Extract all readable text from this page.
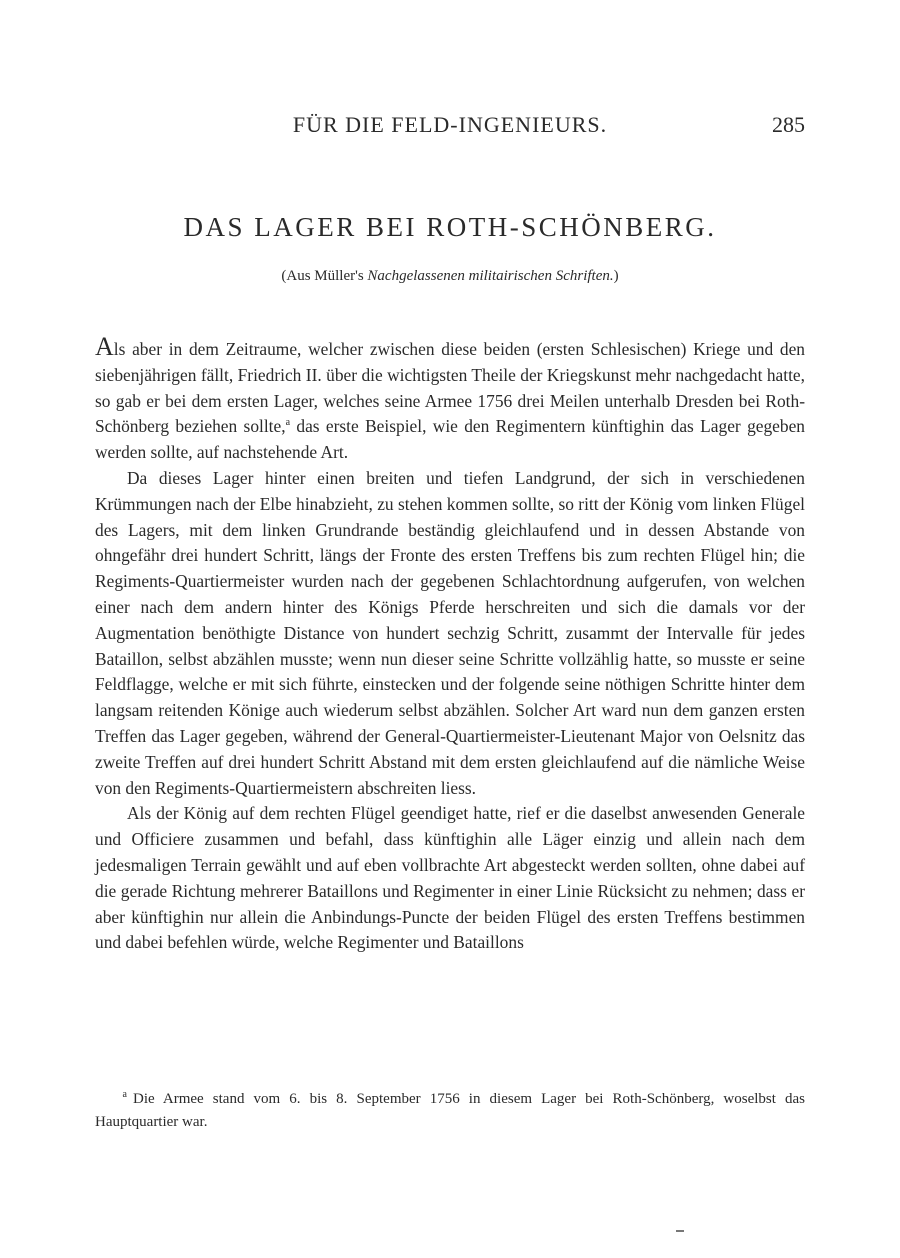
FÜR DIE FELD-INGENIEURS.	285
DAS LAGER BEI ROTH-SCHÖNBERG.
(Aus Müller's Nachgelassenen militairischen Schriften.)

Als aber in dem Zeitraume, welcher zwischen diese beiden (ersten Schlesischen) Kriege und den siebenjährigen fällt, Friedrich II. über die wichtigsten Theile der Kriegskunst mehr nachgedacht hatte, so gab er bei dem ersten Lager, welches seine Armee 1756 drei Meilen unterhalb Dresden bei Roth-Schönberg beziehen sollte,$^a$ das erste Beispiel, wie den Regimentern künftighin das Lager gegeben werden sollte, auf nachstehende Art.

Da dieses Lager hinter einen breiten und tiefen Landgrund, der sich in verschiedenen Krümmungen nach der Elbe hinabzieht, zu stehen kommen sollte, so ritt der König vom linken Flügel des Lagers, mit dem linken Grundrande beständig gleichlaufend und in dessen Abstande von ohngefähr drei hundert Schritt, längs der Fronte des ersten Treffens bis zum rechten Flügel hin; die Regiments-Quartiermeister wurden nach der gegebenen Schlachtordnung aufgerufen, von welchen einer nach dem andern hinter des Königs Pferde herschreiten und sich die damals vor der Augmentation benöthigte Distance von hundert sechzig Schritt, zusammt der Intervalle für jedes Bataillon, selbst abzählen musste; wenn nun dieser seine Schritte vollzählig hatte, so musste er seine Feldflagge, welche er mit sich führte, einstecken und der folgende seine nöthigen Schritte hinter dem langsam reitenden Könige auch wiederum selbst abzählen. Solcher Art ward nun dem ganzen ersten Treffen das Lager gegeben, während der General-Quartiermeister-Lieutenant Major von Oelsnitz das zweite Treffen auf drei hundert Schritt Abstand mit dem ersten gleichlaufend auf die nämliche Weise von den Regiments-Quartiermeistern abschreiten liess.

Als der König auf dem rechten Flügel geendiget hatte, rief er die daselbst anwesenden Generale und Officiere zusammen und befahl, dass künftighin alle Läger einzig und allein nach dem jedesmaligen Terrain gewählt und auf eben vollbrachte Art abgesteckt werden sollten, ohne dabei auf die gerade Richtung mehrerer Bataillons und Regimenter in einer Linie Rücksicht zu nehmen; dass er aber künftighin nur allein die Anbindungs-Puncte der beiden Flügel des ersten Treffens bestimmen und dabei befehlen würde, welche Regimenter und Bataillons

a Die Armee stand vom 6. bis 8. September 1756 in diesem Lager bei Roth-Schönberg, woselbst das Hauptquartier war.
